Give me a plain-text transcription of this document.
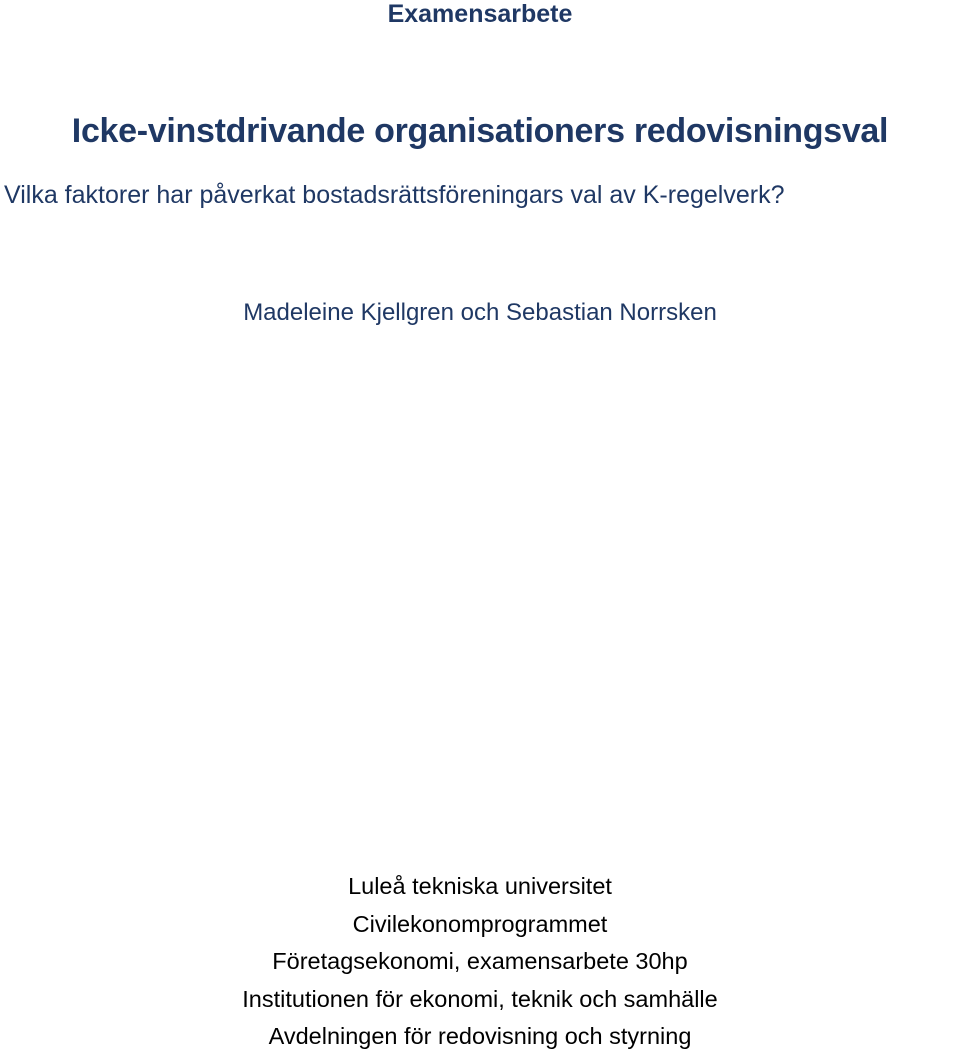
Examensarbete
Icke-vinstdrivande organisationers redovisningsval
Vilka faktorer har påverkat bostadsrättsföreningars val av K-regelverk?
Madeleine Kjellgren och Sebastian Norrsken
Luleå tekniska universitet
Civilekonomprogrammet
Företagsekonomi, examensarbete 30hp
Institutionen för ekonomi, teknik och samhälle
Avdelningen för redovisning och styrning
